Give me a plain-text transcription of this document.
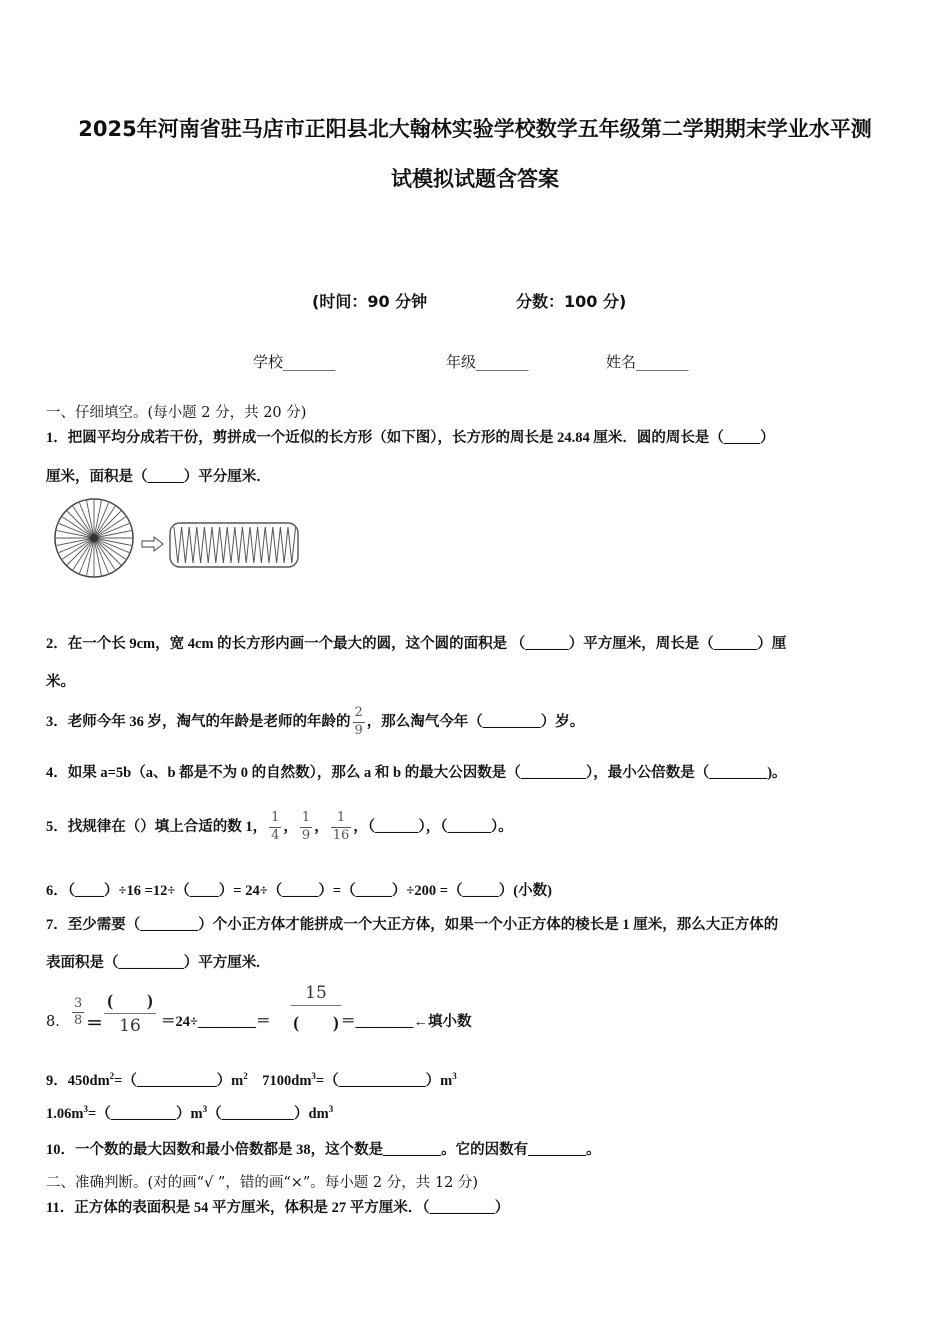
2025年河南省驻马店市正阳县北大翰林实验学校数学五年级第二学期期末学业水平测
试模拟试题含答案
(时间：90 分钟	分数：100 分)
学校_______	年级_______	姓名_______
一、仔细填空。(每小题 2 分，共 20 分)
1．把圆平均分成若干份，剪拼成一个近似的长方形（如下图），长方形的周长是 24.84 厘米．圆的周长是（_____）
厘米，面积是（_____）平分厘米．
2．在一个长 9cm，宽 4cm 的长方形内画一个最大的圆，这个圆的面积是 （______）平方厘米，周长是（______）厘
米。
3．老师今年 36 岁，淘气的年龄是老师的年龄的 $\frac{2}{9}$ ，那么淘气今年（________）岁。
4．如果 a=5b（a、b 都是不为 0 的自然数），那么 a 和 b 的最大公因数是（_________），最小公倍数是（________)。
5．找规律在（）填上合适的数 1， $\frac{1}{4}$ ， $\frac{1}{9}$ ， $\frac{1}{16}$ ，（______），（______）。
6．（____）÷16 =12÷（____）= 24÷（_____）=（_____）÷200 =（_____）(小数)
7．至少需要（________）个小正方体才能拼成一个大正方体，如果一个小正方体的棱长是 1 厘米，那么大正方体的
表面积是（_________）平方厘米.
8． $\frac{3}{8}$ ＝
(　　)
16	＝24÷________＝
15
(　　) ＝________←填小数
9．$450dm^2=(\_\_\_\_\_\_\_\_\_\_\_)m^2$　$7100dm^3=(\_\_\_\_\_\_\_\_\_\_\_\_)m^3$
$1.06m^3=(\_\_\_\_\_\_\_\_\_)m^3(\_\_\_\_\_\_\_\_\_\_)dm^3$
10．一个数的最大因数和最小倍数都是 38，这个数是________。它的因数有________。
二、准确判断。(对的画“√ ”，错的画“×”。每小题 2 分，共 12 分)
11．正方体的表面积是 54 平方厘米，体积是 27 平方厘米．（_________）
